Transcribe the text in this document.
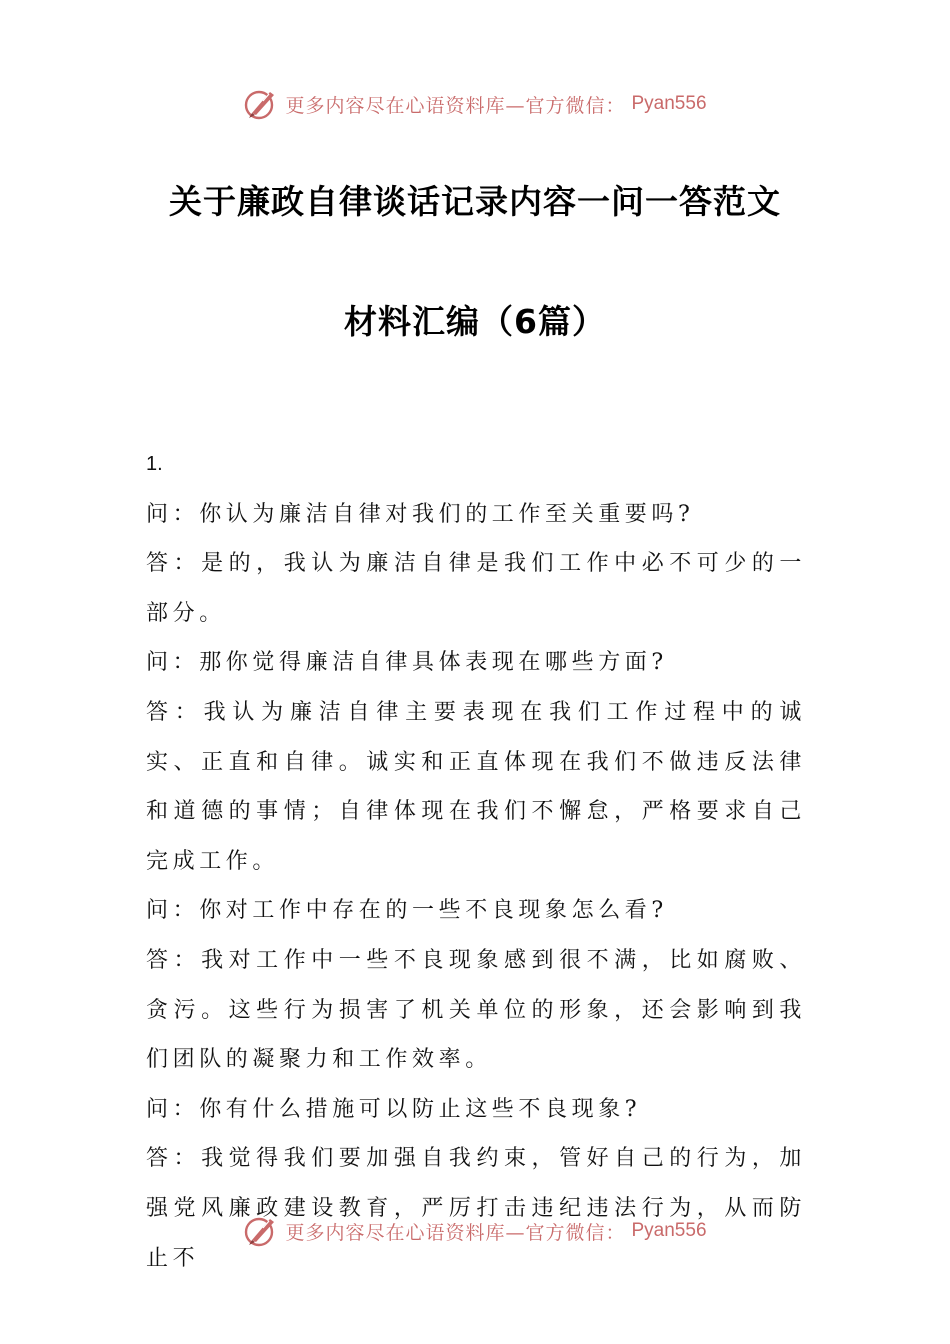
更多内容尽在心语资料库—官方微信： Pyan556
关于廉政自律谈话记录内容一问一答范文
材料汇编（6篇）

1.

问：你认为廉洁自律对我们的工作至关重要吗?

答：是的，我认为廉洁自律是我们工作中必不可少的一部分。

问：那你觉得廉洁自律具体表现在哪些方面?

答：我认为廉洁自律主要表现在我们工作过程中的诚实、正直和自律。诚实和正直体现在我们不做违反法律和道德的事情；自律体现在我们不懈怠，严格要求自己完成工作。

问：你对工作中存在的一些不良现象怎么看?

答：我对工作中一些不良现象感到很不满，比如腐败、贪污。这些行为损害了机关单位的形象，还会影响到我们团队的凝聚力和工作效率。

问：你有什么措施可以防止这些不良现象?

答：我觉得我们要加强自我约束，管好自己的行为，加强党风廉政建设教育，严厉打击违纪违法行为，从而防止不

更多内容尽在心语资料库—官方微信： Pyan556
